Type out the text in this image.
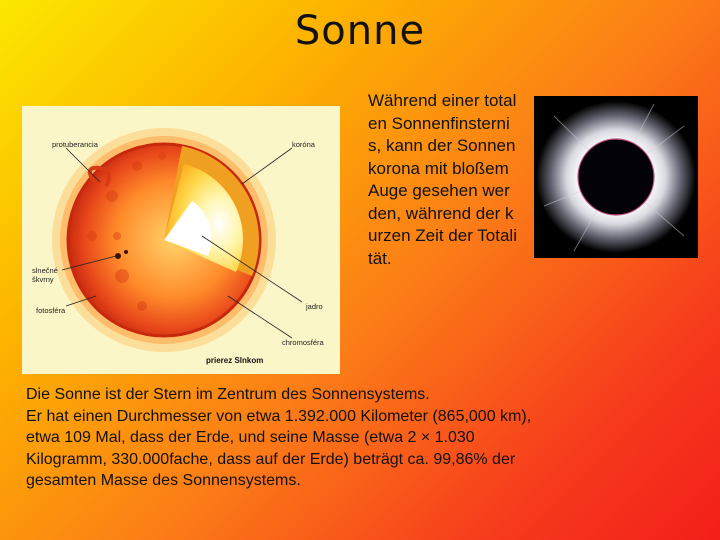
Sonne
protuberancia	koróna
slnečné
škvrny
fotosféra	jadro
chromosféra
prierez Slnkom
Während einer totalen Sonnenfinsterni s, kann der Sonnenkorona mit bloßem Auge gesehen werden, während der kurzen Zeit der Totalität.
Die Sonne ist der Stern im Zentrum des Sonnensystems.
Er hat einen Durchmesser von etwa 1.392.000 Kilometer (865,000 km),
etwa 109 Mal, dass der Erde, und seine Masse (etwa 2 × 1.030
Kilogramm, 330.000fache, dass auf der Erde) beträgt ca. 99,86% der
gesamten Masse des Sonnensystems.
